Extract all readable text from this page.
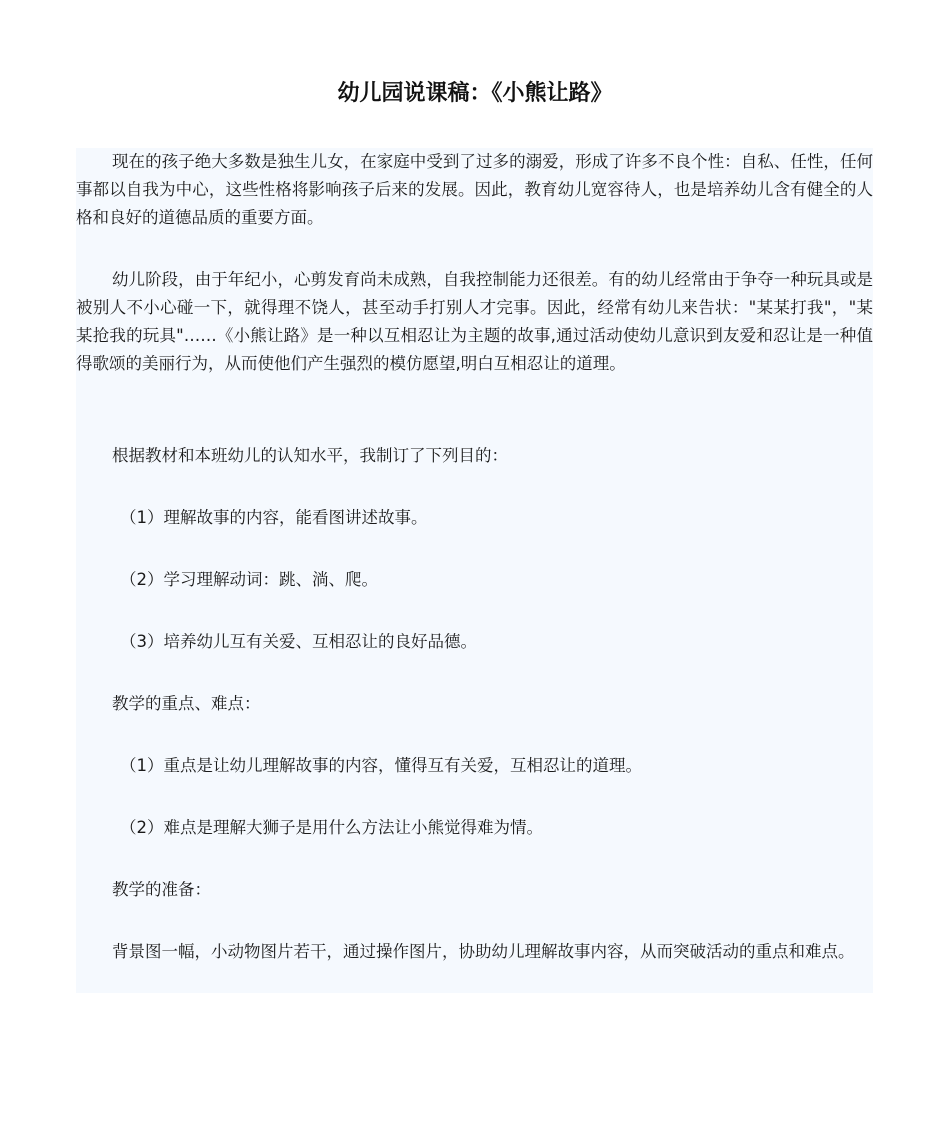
幼儿园说课稿：《小熊让路》

现在的孩子绝大多数是独生儿女，在家庭中受到了过多的溺爱，形成了许多不良个性：自私、任性，任何事都以自我为中心，这些性格将影响孩子后来的发展。因此，教育幼儿宽容待人，也是培养幼儿含有健全的人格和良好的道德品质的重要方面。

幼儿阶段，由于年纪小，心剪发育尚未成熟，自我控制能力还很差。有的幼儿经常由于争夺一种玩具或是被别人不小心碰一下，就得理不饶人，甚至动手打别人才完事。因此，经常有幼儿来告状："某某打我"，"某某抢我的玩具"……《小熊让路》是一种以互相忍让为主题的故事,通过活动使幼儿意识到友爱和忍让是一种值得歌颂的美丽行为，从而使他们产生强烈的模仿愿望,明白互相忍让的道理。

根据教材和本班幼儿的认知水平，我制订了下列目的：

（1）理解故事的内容，能看图讲述故事。

（2）学习理解动词：跳、淌、爬。

（3）培养幼儿互有关爱、互相忍让的良好品德。

教学的重点、难点：

（1）重点是让幼儿理解故事的内容，懂得互有关爱，互相忍让的道理。

（2）难点是理解大狮子是用什么方法让小熊觉得难为情。

教学的准备：

背景图一幅，小动物图片若干，通过操作图片，协助幼儿理解故事内容，从而突破活动的重点和难点。
